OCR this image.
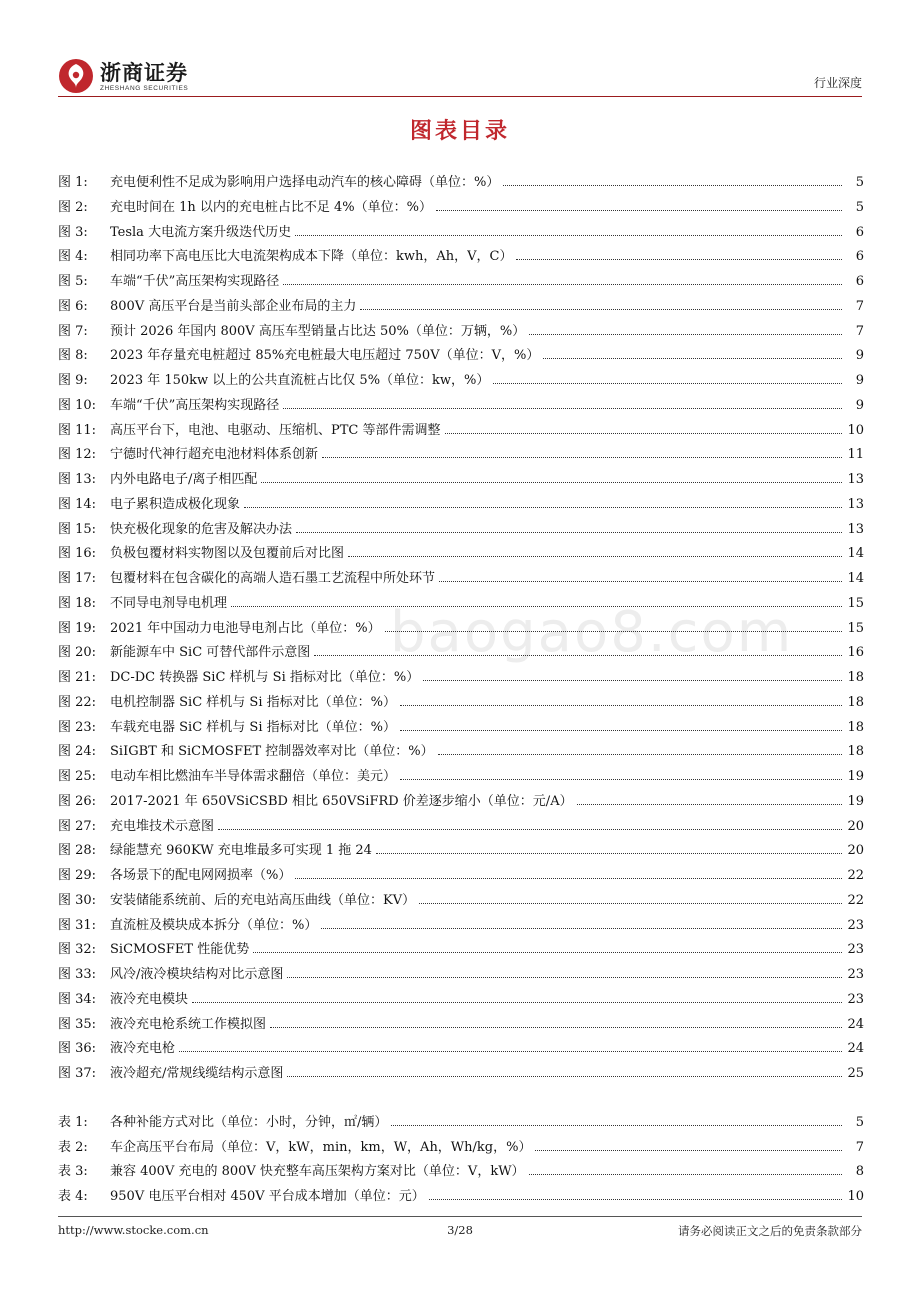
浙商证券
ZHESHANG SECURITIES	行业深度
图表目录
baogao8.com
图 1:	充电便利性不足成为影响用户选择电动汽车的核心障碍（单位：%）	5
图 2:	充电时间在 1h 以内的充电桩占比不足 4%（单位：%）	5
图 3:	Tesla 大电流方案升级迭代历史	6
图 4:	相同功率下高电压比大电流架构成本下降（单位：kwh，Ah，V，C）	6
图 5:	车端“千伏”高压架构实现路径	6
图 6:	800V 高压平台是当前头部企业布局的主力	7
图 7:	预计 2026 年国内 800V 高压车型销量占比达 50%（单位：万辆，%）	7
图 8:	2023 年存量充电桩超过 85%充电桩最大电压超过 750V（单位：V，%）	9
图 9:	2023 年 150kw 以上的公共直流桩占比仅 5%（单位：kw，%）	9
图 10:	车端“千伏”高压架构实现路径	9
图 11:	高压平台下，电池、电驱动、压缩机、PTC 等部件需调整	10
图 12:	宁德时代神行超充电池材料体系创新	11
图 13:	内外电路电子/离子相匹配	13
图 14:	电子累积造成极化现象	13
图 15:	快充极化现象的危害及解决办法	13
图 16:	负极包覆材料实物图以及包覆前后对比图	14
图 17:	包覆材料在包含碳化的高端人造石墨工艺流程中所处环节	14
图 18:	不同导电剂导电机理	15
图 19:	2021 年中国动力电池导电剂占比（单位：%）	15
图 20:	新能源车中 SiC 可替代部件示意图	16
图 21:	DC-DC 转换器 SiC 样机与 Si 指标对比（单位：%）	18
图 22:	电机控制器 SiC 样机与 Si 指标对比（单位：%）	18
图 23:	车载充电器 SiC 样机与 Si 指标对比（单位：%）	18
图 24:	SiIGBT 和 SiCMOSFET 控制器效率对比（单位：%）	18
图 25:	电动车相比燃油车半导体需求翻倍（单位：美元）	19
图 26:	2017-2021 年 650VSiCSBD 相比 650VSiFRD 价差逐步缩小（单位：元/A）	19
图 27:	充电堆技术示意图	20
图 28:	绿能慧充 960KW 充电堆最多可实现 1 拖 24	20
图 29:	各场景下的配电网网损率（%）	22
图 30:	安装储能系统前、后的充电站高压曲线（单位：KV）	22
图 31:	直流桩及模块成本拆分（单位：%）	23
图 32:	SiCMOSFET 性能优势	23
图 33:	风冷/液冷模块结构对比示意图	23
图 34:	液冷充电模块	23
图 35:	液冷充电枪系统工作模拟图	24
图 36:	液冷充电枪	24
图 37:	液冷超充/常规线缆结构示意图	25
表 1:	各种补能方式对比（单位：小时，分钟，㎡/辆）	5
表 2:	车企高压平台布局（单位：V，kW，min，km，W，Ah，Wh/kg，%）	7
表 3:	兼容 400V 充电的 800V 快充整车高压架构方案对比（单位：V，kW）	8
表 4:	950V 电压平台相对 450V 平台成本增加（单位：元）	10
http://www.stocke.com.cn	3/28	请务必阅读正文之后的免责条款部分
